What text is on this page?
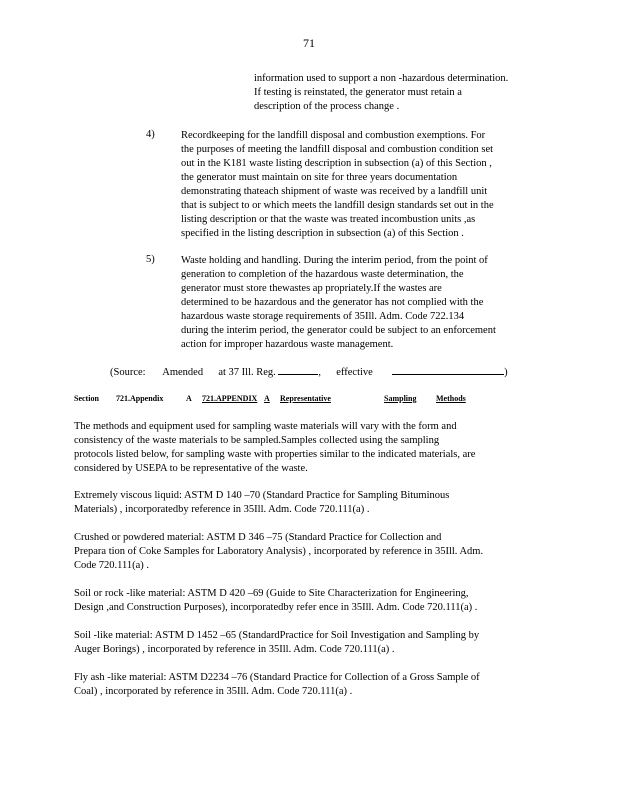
71
information used to support a non -hazardous determination.
If testing is reinstated, the generator must retain a
description of the process change .
4)	Recordkeeping for the landfill disposal and combustion exemptions. For
the purposes of meeting the landfill disposal and combustion condition set
out in the K181 waste listing description in subsection (a) of this Section ,
the generator must maintain on site for three years documentation
demonstrating thateach shipment of waste was received by a landfill unit
that is subject to or which meets the landfill design standards set out in the
listing description or that the waste was treated incombustion units ,as
specified in the listing description in subsection (a) of this Section .
5)	Waste holding and handling. During the interim period, from the point of
generation to completion of the hazardous waste determination, the
generator must store thewastes ap propriately.If the wastes are
determined to be hazardous and the generator has not complied with the
hazardous waste storage requirements of 35Ill. Adm. Code 722.134
during the interim period, the generator could be subject to an enforcement
action for improper hazardous waste management.
(Source: Amended at 37 Ill. Reg.	, effective	)
Section 721.Appendix	A 721.APPENDIX A Representative	Sampling Methods
The methods and equipment used for sampling waste materials will vary with the form and
consistency of the waste materials to be sampled.Samples collected using the sampling
protocols listed below, for sampling waste with properties similar to the indicated materials, are
considered by USEPA to be representative of the waste.
Extremely viscous liquid: ASTM D 140 –70 (Standard Practice for Sampling Bituminous
Materials) , incorporatedby reference in 35Ill. Adm. Code 720.111(a) .
Crushed or powdered material: ASTM D 346 –75 (Standard Practice for Collection and
Prepara tion of Coke Samples for Laboratory Analysis) , incorporated by reference in 35Ill. Adm.
Code 720.111(a) .
Soil or rock -like material: ASTM D 420 –69 (Guide to Site Characterization for Engineering,
Design ,and Construction Purposes), incorporatedby refer ence in 35Ill. Adm. Code 720.111(a) .
Soil -like material: ASTM D 1452 –65 (StandardPractice for Soil Investigation and Sampling by
Auger Borings) , incorporated by reference in 35Ill. Adm. Code 720.111(a) .
Fly ash -like material: ASTM D2234 –76 (Standard Practice for Collection of a Gross Sample of
Coal) , incorporated by reference in 35Ill. Adm. Code 720.111(a) .
